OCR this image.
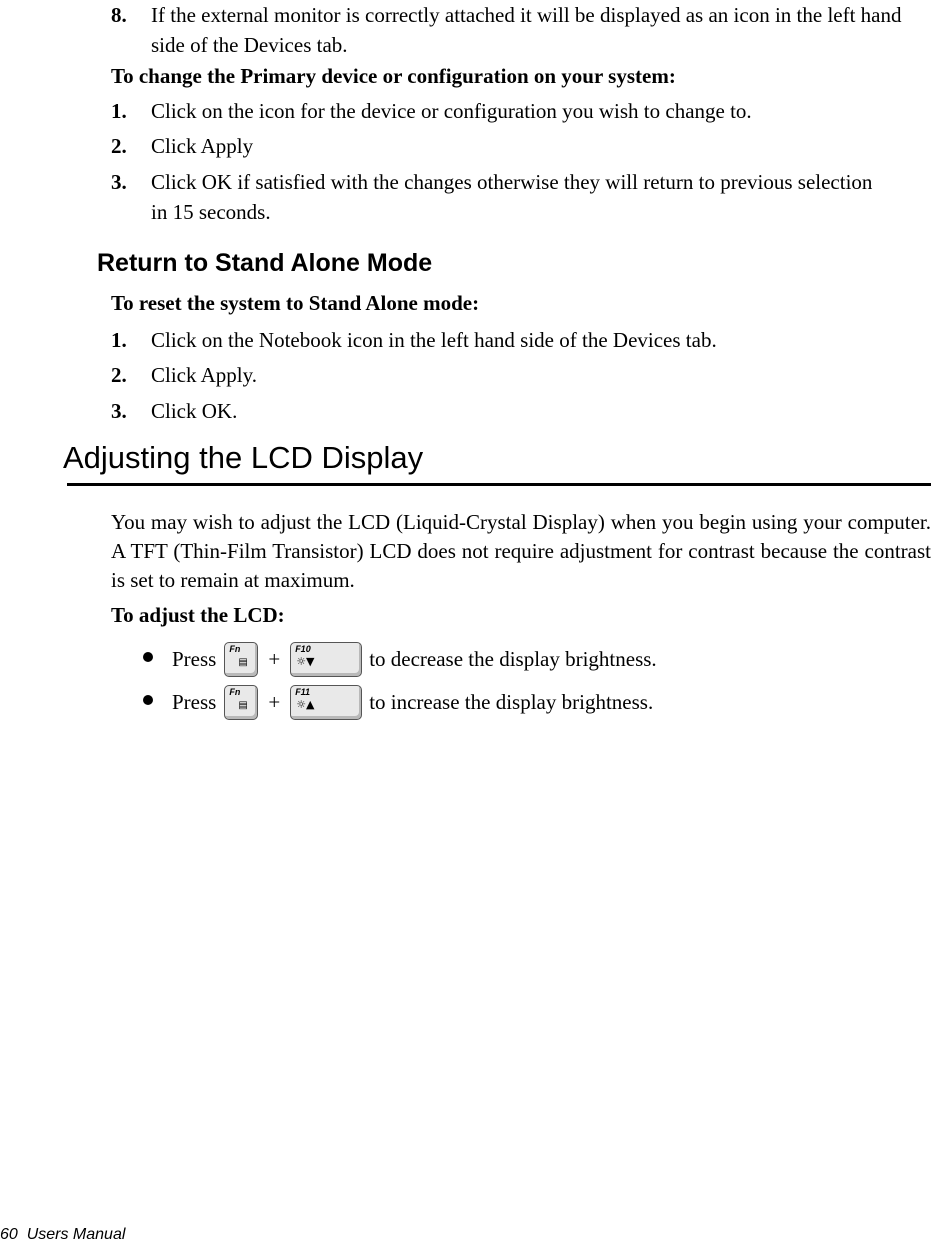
8. If the external monitor is correctly attached it will be displayed as an icon in the left hand side of the Devices tab.
To change the Primary device or configuration on your system:
1. Click on the icon for the device or configuration you wish to change to.
2. Click Apply
3. Click OK if satisfied with the changes otherwise they will return to previous selection in 15 seconds.
Return to Stand Alone Mode
To reset the system to Stand Alone mode:
1. Click on the Notebook icon in the left hand side of the Devices tab.
2. Click Apply.
3. Click OK.
Adjusting the LCD Display
You may wish to adjust the LCD (Liquid-Crystal Display) when you begin using your computer. A TFT (Thin-Film Transistor) LCD does not require adjustment for contrast because the contrast is set to remain at maximum.
To adjust the LCD:
Press Fn
▤ + F10
☼▼	to decrease the display brightness.
Press Fn
▤ + F11
☼▲	to increase the display brightness.
60  Users Manual
